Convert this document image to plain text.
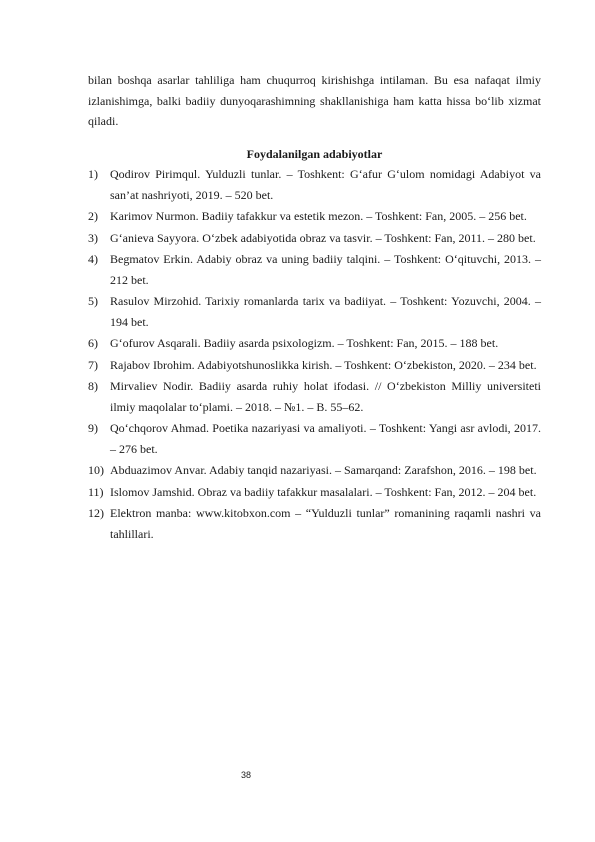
bilan boshqa asarlar tahliliga ham chuqurroq kirishishga intilaman. Bu esa nafaqat ilmiy izlanishimga, balki badiiy dunyoqarashimning shakllanishiga ham katta hissa bo‘lib xizmat qiladi.
Foydalanilgan adabiyotlar
1) Qodirov Pirimqul. Yulduzli tunlar. – Toshkent: G‘afur G‘ulom nomidagi Adabiyot va san’at nashriyoti, 2019. – 520 bet.
2) Karimov Nurmon. Badiiy tafakkur va estetik mezon. – Toshkent: Fan, 2005. – 256 bet.
3) G‘anieva Sayyora. O‘zbek adabiyotida obraz va tasvir. – Toshkent: Fan, 2011. – 280 bet.
4) Begmatov Erkin. Adabiy obraz va uning badiiy talqini. – Toshkent: O‘qituvchi, 2013. – 212 bet.
5) Rasulov Mirzohid. Tarixiy romanlarda tarix va badiiyat. – Toshkent: Yozuvchi, 2004. – 194 bet.
6) G‘ofurov Asqarali. Badiiy asarda psixologizm. – Toshkent: Fan, 2015. – 188 bet.
7) Rajabov Ibrohim. Adabiyotshunoslikka kirish. – Toshkent: O‘zbekiston, 2020. – 234 bet.
8) Mirvaliev Nodir. Badiiy asarda ruhiy holat ifodasi. // O‘zbekiston Milliy universiteti ilmiy maqolalar to‘plami. – 2018. – №1. – B. 55–62.
9) Qo‘chqorov Ahmad. Poetika nazariyasi va amaliyoti. – Toshkent: Yangi asr avlodi, 2017. – 276 bet.
10) Abduazimov Anvar. Adabiy tanqid nazariyasi. – Samarqand: Zarafshon, 2016. – 198 bet.
11) Islomov Jamshid. Obraz va badiiy tafakkur masalalari. – Toshkent: Fan, 2012. – 204 bet.
12) Elektron manba: www.kitobxon.com – “Yulduzli tunlar” romanining raqamli nashri va tahlillari.
38
